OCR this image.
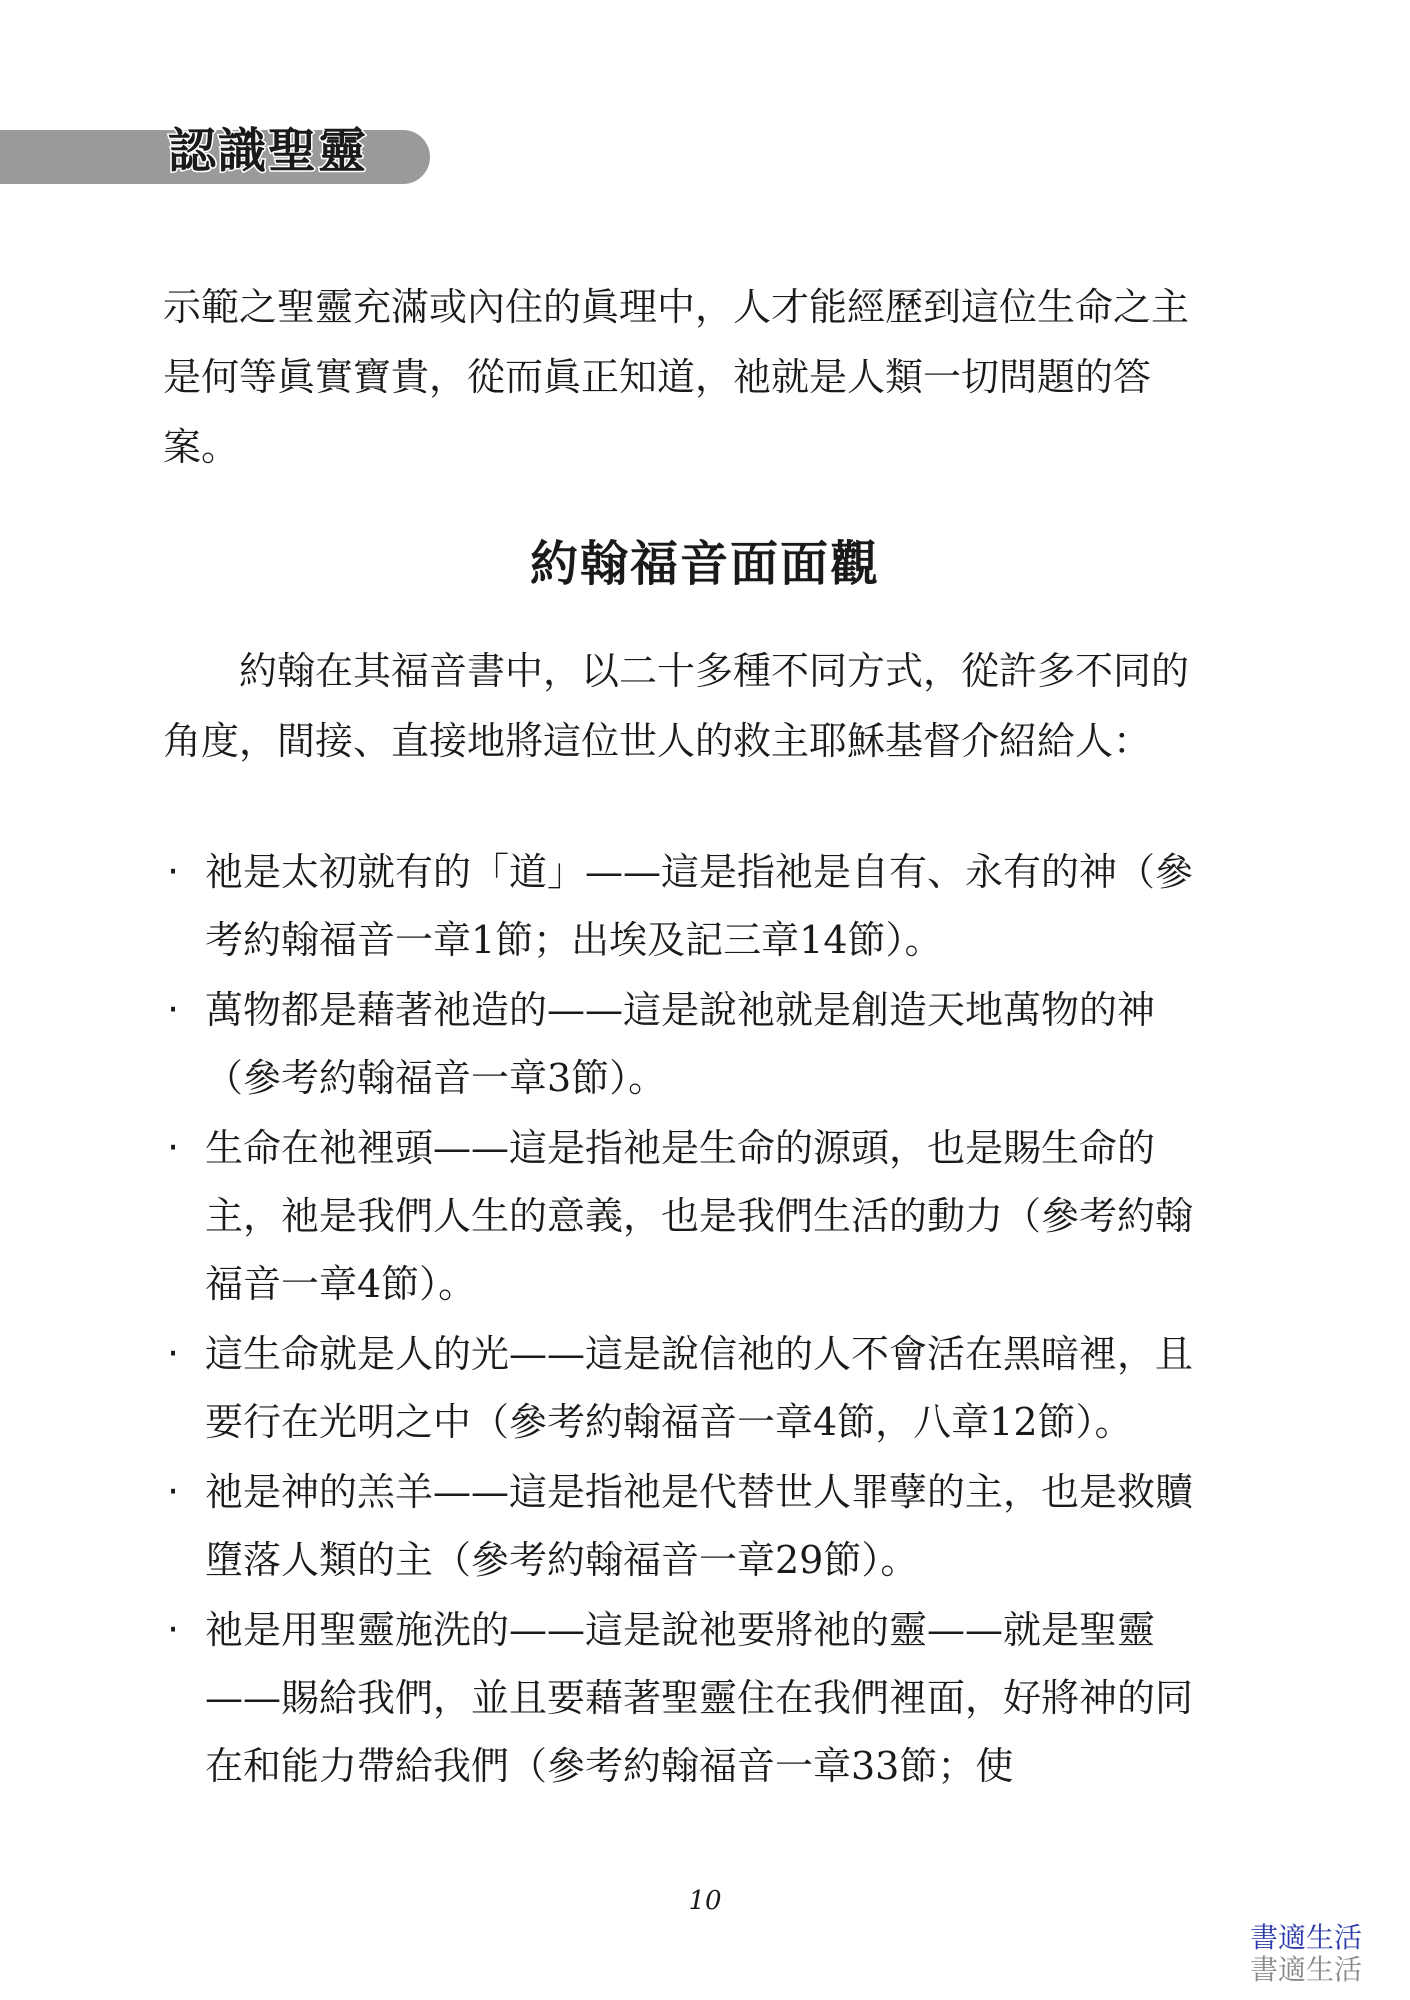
認識聖靈

示範之聖靈充滿或內住的眞理中，人才能經歷到這位生命之主是何等眞實寶貴，從而眞正知道，祂就是人類一切問題的答案。

約翰福音面面觀

約翰在其福音書中，以二十多種不同方式，從許多不同的角度，間接、直接地將這位世人的救主耶穌基督介紹給人：

‧ 祂是太初就有的「道」——這是指祂是自有、永有的神（參考約翰福音一章1節；出埃及記三章14節）。
‧ 萬物都是藉著祂造的——這是說祂就是創造天地萬物的神（參考約翰福音一章3節）。
‧ 生命在祂裡頭——這是指祂是生命的源頭，也是賜生命的主，祂是我們人生的意義，也是我們生活的動力（參考約翰福音一章4節）。
‧ 這生命就是人的光——這是說信祂的人不會活在黑暗裡，且要行在光明之中（參考約翰福音一章4節，八章12節）。
‧ 祂是神的羔羊——這是指祂是代替世人罪孽的主，也是救贖墮落人類的主（參考約翰福音一章29節）。
‧ 祂是用聖靈施洗的——這是說祂要將祂的靈——就是聖靈——賜給我們，並且要藉著聖靈住在我們裡面，好將神的同在和能力帶給我們（參考約翰福音一章33節；使
10
書適生活
書適生活
